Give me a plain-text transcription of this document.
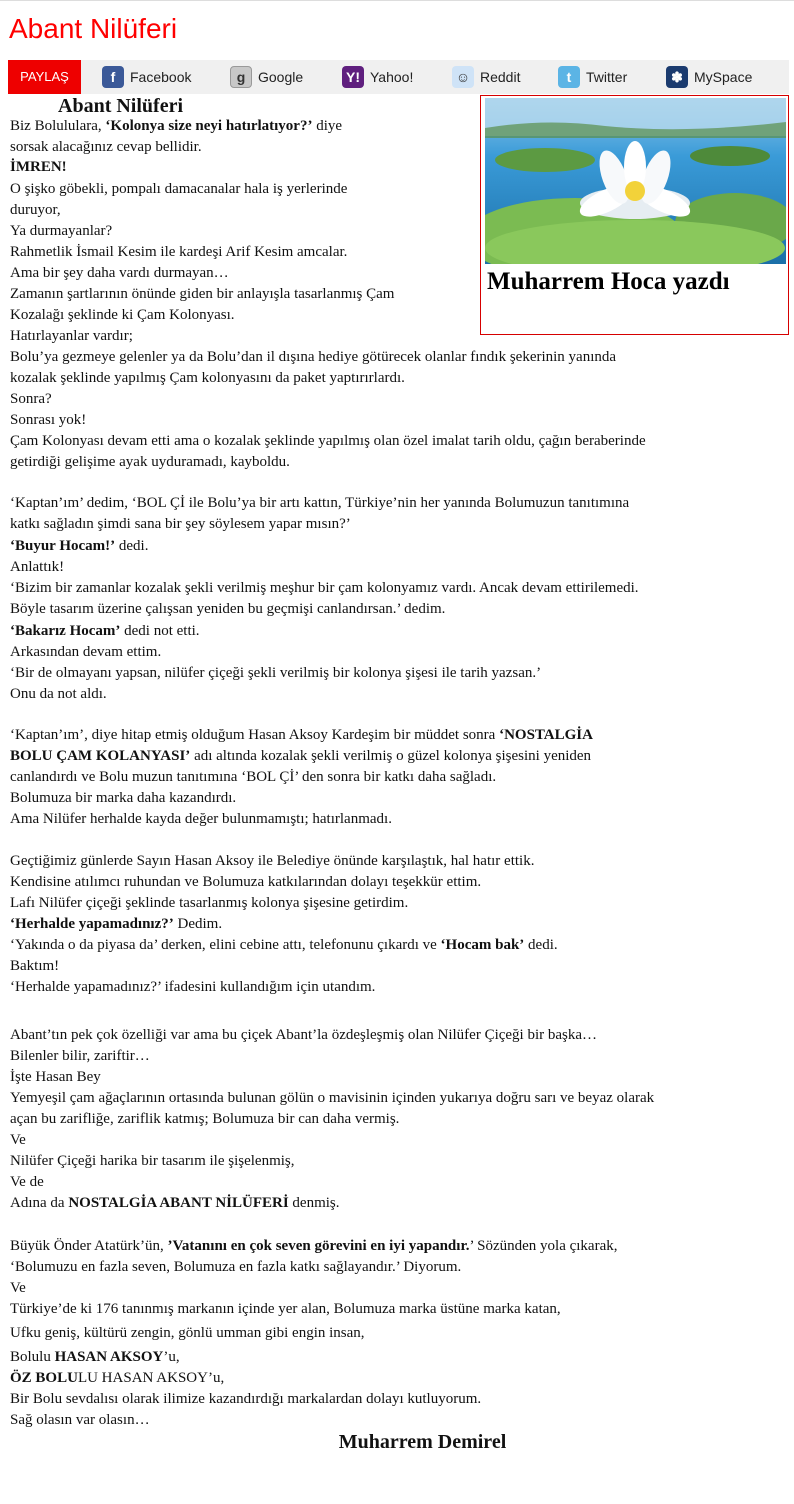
Abant Nilüferi
PAYLAŞ	f	Facebook	g Google	Y! Yahoo!	☺ Reddit	t	Twitter	✽ MySpace
Abant Nilüferi
Muharrem Hoca yazdı
Biz Bolululara, ‘Kolonya size neyi hatırlatıyor?’ diye
sorsak alacağınız cevap bellidir.
İMREN!
O şişko göbekli, pompalı damacanalar hala iş yerlerinde
duruyor,
Ya durmayanlar?
Rahmetlik İsmail Kesim ile kardeşi Arif Kesim amcalar.
Ama bir şey daha vardı durmayan…
Zamanın şartlarının önünde giden bir anlayışla tasarlanmış Çam
Kozalağı şeklinde ki Çam Kolonyası.
Hatırlayanlar vardır;
Bolu’ya gezmeye gelenler ya da Bolu’dan il dışına hediye götürecek olanlar fındık şekerinin yanında
kozalak şeklinde yapılmış Çam kolonyasını da paket yaptırırlardı.
Sonra?
Sonrası yok!
Çam Kolonyası devam etti ama o kozalak şeklinde yapılmış olan özel imalat tarih oldu, çağın beraberinde
getirdiği gelişime ayak uyduramadı, kayboldu.
‘Kaptan’ım’ dedim, ‘BOL Çİ ile Bolu’ya bir artı kattın, Türkiye’nin her yanında Bolumuzun tanıtımına
katkı sağladın şimdi sana bir şey söylesem yapar mısın?’
‘Buyur Hocam!’ dedi.
Anlattık!
‘Bizim bir zamanlar kozalak şekli verilmiş meşhur bir çam kolonyamız vardı. Ancak devam ettirilemedi.
Böyle tasarım üzerine çalışsan yeniden bu geçmişi canlandırsan.’ dedim.
‘Bakarız Hocam’ dedi not etti.
Arkasından devam ettim.
‘Bir de olmayanı yapsan, nilüfer çiçeği şekli verilmiş bir kolonya şişesi ile tarih yazsan.’
Onu da not aldı.
‘Kaptan’ım’, diye hitap etmiş olduğum Hasan Aksoy Kardeşim bir müddet sonra ‘NOSTALGİA
BOLU ÇAM KOLANYASI’ adı altında kozalak şekli verilmiş o güzel kolonya şişesini yeniden
canlandırdı ve Bolu muzun tanıtımına ‘BOL Çİ’ den sonra bir katkı daha sağladı.
Bolumuza bir marka daha kazandırdı.
Ama Nilüfer herhalde kayda değer bulunmamıştı; hatırlanmadı.
Geçtiğimiz günlerde Sayın Hasan Aksoy ile Belediye önünde karşılaştık, hal hatır ettik.
Kendisine atılımcı ruhundan ve Bolumuza katkılarından dolayı teşekkür ettim.
Lafı Nilüfer çiçeği şeklinde tasarlanmış kolonya şişesine getirdim.
‘Herhalde yapamadınız?’ Dedim.
‘Yakında o da piyasa da’ derken, elini cebine attı, telefonunu çıkardı ve ‘Hocam bak’ dedi.
Baktım!
‘Herhalde yapamadınız?’ ifadesini kullandığım için utandım.
Abant’tın pek çok özelliği var ama bu çiçek Abant’la özdeşleşmiş olan Nilüfer Çiçeği bir başka…
Bilenler bilir, zariftir…
İşte Hasan Bey
Yemyeşil çam ağaçlarının ortasında bulunan gölün o mavisinin içinden yukarıya doğru sarı ve beyaz olarak
açan bu zarifliğe, zariflik katmış; Bolumuza bir can daha vermiş.
Ve
Nilüfer Çiçeği harika bir tasarım ile şişelenmiş,
Ve de
Adına da NOSTALGİA ABANT NİLÜFERİ denmiş.
Büyük Önder Atatürk’ün, ’Vatanını en çok seven görevini en iyi yapandır.’ Sözünden yola çıkarak,
‘Bolumuzu en fazla seven, Bolumuza en fazla katkı sağlayandır.’ Diyorum.
Ve
Türkiye’de ki 176 tanınmış markanın içinde yer alan, Bolumuza marka üstüne marka katan,
Ufku geniş, kültürü zengin, gönlü umman gibi engin insan,
Bolulu HASAN AKSOY’u,
ÖZ BOLULU HASAN AKSOY’u,
Bir Bolu sevdalısı olarak ilimize kazandırdığı markalardan dolayı kutluyorum.
Sağ olasın var olasın…
Muharrem Demirel
